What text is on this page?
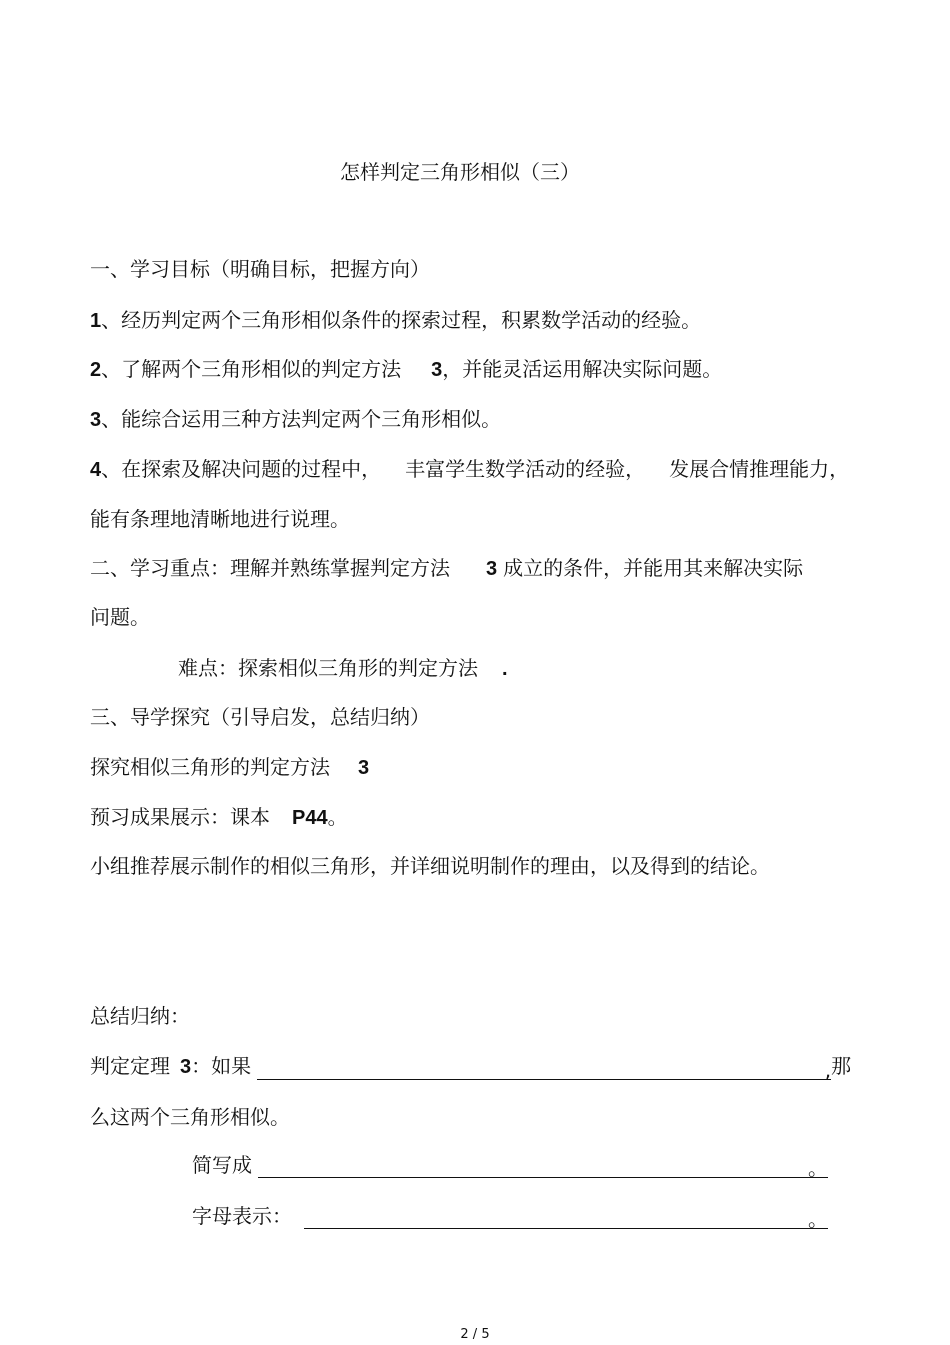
怎样判定三角形相似（三）
一、学习目标（明确目标，把握方向）
1、经历判定两个三角形相似条件的探索过程，积累数学活动的经验。
2、了解两个三角形相似的判定方法 3，并能灵活运用解决实际问题。
3、能综合运用三种方法判定两个三角形相似。
4、在探索及解决问题的过程中， 丰富学生数学活动的经验， 发展合情推理能力，
能有条理地清晰地进行说理。
二、学习重点：理解并熟练掌握判定方法 3 成立的条件，并能用其来解决实际
问题。
难点：探索相似三角形的判定方法 .
三、导学探究（引导启发，总结归纳）
探究相似三角形的判定方法 3
预习成果展示：课本 P44。
小组推荐展示制作的相似三角形，并详细说明制作的理由，以及得到的结论。
总结归纳：
判定定理 3：如果	,那
么这两个三角形相似。
简写成	。
字母表示：	。
2 / 5
